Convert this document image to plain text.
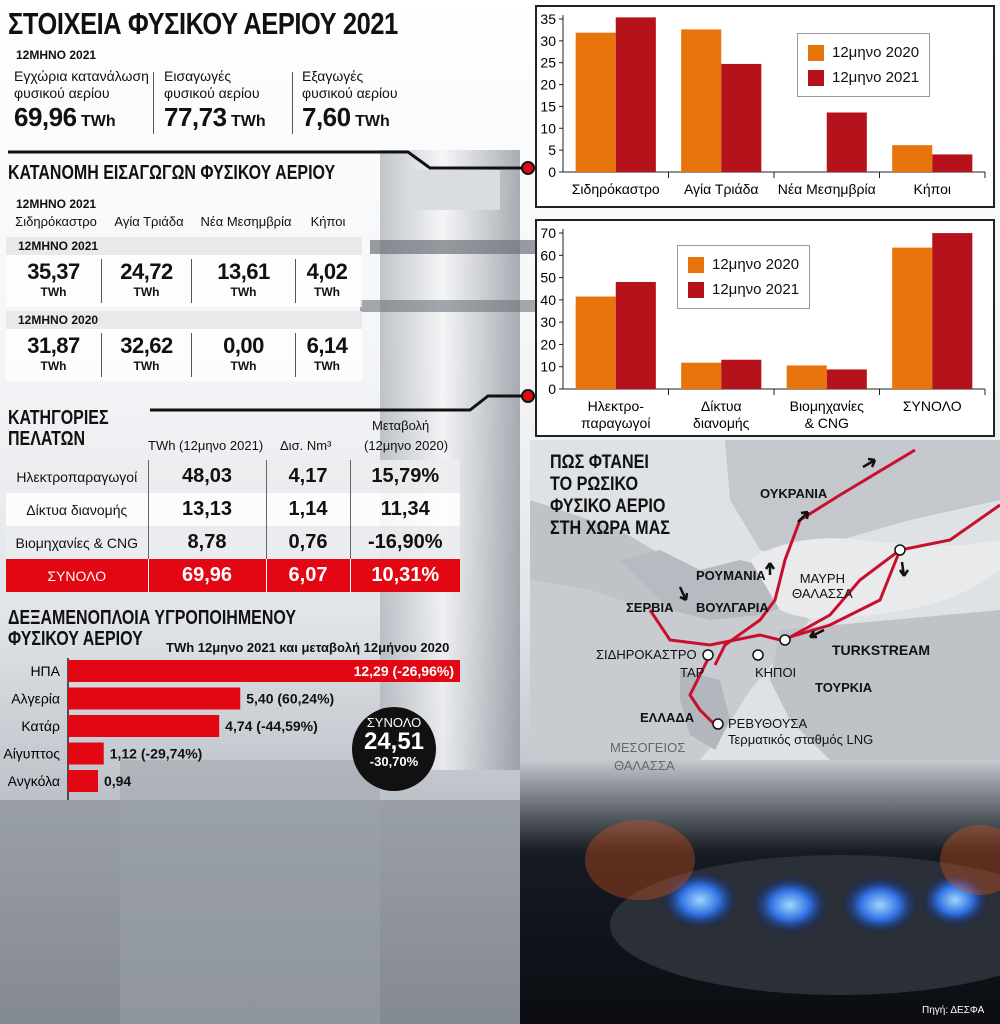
ΣΤΟΙΧΕΙΑ ΦΥΣΙΚΟΥ ΑΕΡΙΟΥ 2021
12ΜΗΝΟ 2021
Εγχώρια κατανάλωση
φυσικού αερίου
69,96 TWh
Εισαγωγές
φυσικού αερίου
77,73 TWh
Εξαγωγές
φυσικού αερίου
7,60 TWh
ΚΑΤΑΝΟΜΗ ΕΙΣΑΓΩΓΩΝ ΦΥΣΙΚΟΥ ΑΕΡΙΟΥ
12ΜΗΝΟ 2021
Σιδηρόκαστρο	Αγία Τριάδα	Νέα Μεσημβρία	Κήποι
12ΜΗΝΟ 2021
35,37
TWh
24,72
TWh
13,61
TWh
4,02
TWh
12ΜΗΝΟ 2020
31,87
TWh
32,62
TWh
0,00
TWh
6,14
TWh
ΚΑΤΗΓΟΡΙΕΣ
ΠΕΛΑΤΩΝ	TWh (12μηνο 2021) Δισ. Nm³
Μεταβολή
(12μηνο 2020)
Ηλεκτροπαραγωγοί	48,03	4,17	15,79%
Δίκτυα διανομής	13,13	1,14	11,34
Βιομηχανίες & CNG	8,78	0,76	-16,90%
ΣΥΝΟΛΟ	69,96	6,07	10,31%
ΔΕΞΑΜΕΝΟΠΛΟΙΑ ΥΓΡΟΠΟΙΗΜΕΝΟΥ
ΦΥΣΙΚΟΥ ΑΕΡΙΟΥ	TWh 12μηνο 2021 και μεταβολή 12μήνου 2020
ΗΠΑ	12,29 (-26,96%)
Αλγερία	5,40 (60,24%)
Κατάρ	4,74 (-44,59%)
Αίγυπτος	1,12 (-29,74%)
Ανγκόλα	0,94
ΣΥΝΟΛΟ
24,51
-30,70%
0
5
10
15
20
25
30
35
Σιδηρόκαστρο Αγία Τριάδα Νέα Μεσημβρία	Κήποι
12μηνο 2020
12μηνο 2021
0
10
20
30
40
50
60
70
Ηλεκτρο-
παραγωγοί
Δίκτυα
διανομής
Βιομηχανίες
& CNG
ΣΥΝΟΛΟ
12μηνο 2020
12μηνο 2021
ΠΩΣ ΦΤΑΝΕΙ
ΤΟ ΡΩΣΙΚΟ
ΦΥΣΙΚΟ ΑΕΡΙΟ
ΣΤΗ ΧΩΡΑ ΜΑΣ
ΟΥΚΡΑΝΙΑ
ΡΟΥΜΑΝΙΑ
ΣΕΡΒΙΑ ΒΟΥΛΓΑΡΙΑ
ΜΑΥΡΗ
ΘΑΛΑΣΣΑ
TURKSTREAM
ΣΙΔΗΡΟΚΑΣΤΡΟ
ΤΑΡ	ΚΗΠΟΙ
ΤΟΥΡΚΙΑ
ΕΛΛΑΔΑ	ΡΕΒΥΘΟΥΣΑ
Τερματικός σταθμός LNG
ΜΕΣΟΓΕΙΟΣ
ΘΑΛΑΣΣΑ
Πηγή: ΔΕΣΦΑ
